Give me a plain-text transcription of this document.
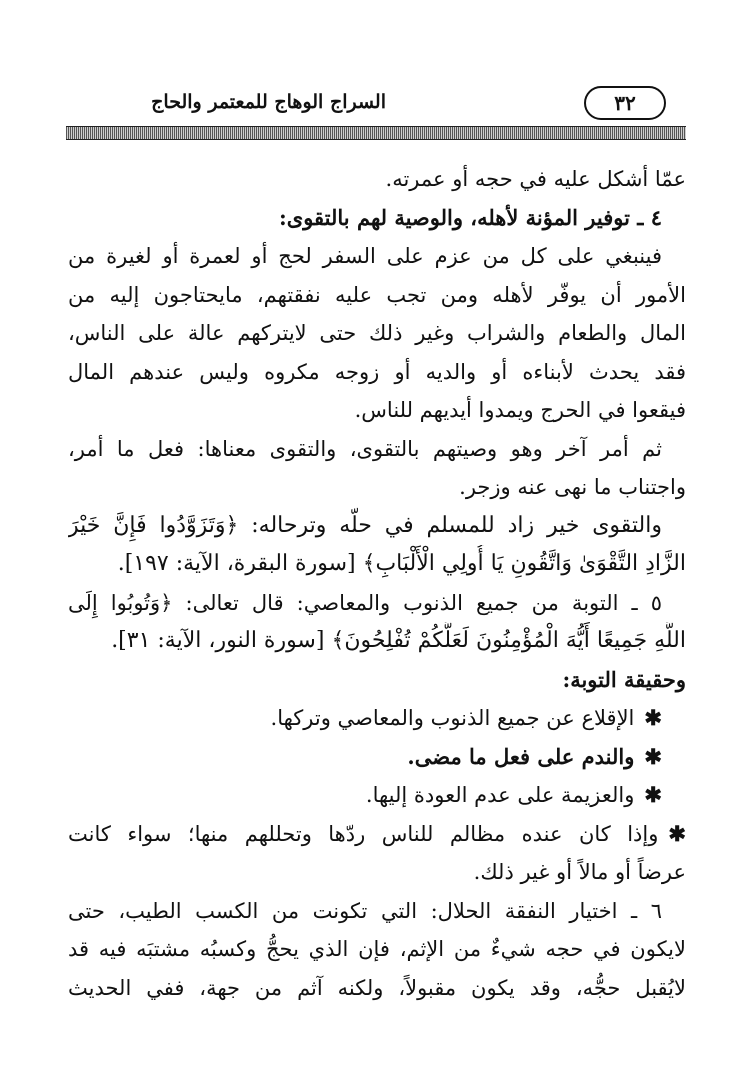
٣٢
السراج الوهاج للمعتمر والحاج
عمّا أشكل عليه في حجه أو عمرته.
٤ ـ توفير المؤنة لأهله، والوصية لهم بالتقوى:
فينبغي على كل من عزم على السفر لحج أو لعمرة أو لغيرة من
الأمور أن يوفّر لأهله ومن تجب عليه نفقتهم، مايحتاجون إليه من
المال والطعام والشراب وغير ذلك حتى لايتركهم عالة على الناس،
فقد يحدث لأبناءه أو والديه أو زوجه مكروه وليس عندهم المال
فيقعوا في الحرج ويمدوا أيديهم للناس.
ثم أمر آخر وهو وصيتهم بالتقوى، والتقوى معناها: فعل ما أمر،
واجتناب ما نهى عنه وزجر.
والتقوى خير زاد للمسلم في حلّه وترحاله: ﴿وَتَزَوَّدُوا فَإِنَّ خَيْرَ
الزَّادِ التَّقْوَىٰ وَاتَّقُونِ يَا أُولِي الْأَلْبَابِ﴾ [سورة البقرة، الآية: ١٩٧].
٥ ـ التوبة من جميع الذنوب والمعاصي: قال تعالى: ﴿وَتُوبُوا إِلَى
اللَّهِ جَمِيعًا أَيُّهَ الْمُؤْمِنُونَ لَعَلَّكُمْ تُفْلِحُونَ﴾ [سورة النور، الآية: ٣١].
وحقيقة التوبة:
✱الإقلاع عن جميع الذنوب والمعاصي وتركها.
✱والندم على فعل ما مضى.
✱والعزيمة على عدم العودة إليها.
✱وإذا كان عنده مظالم للناس ردّها وتحللهم منها؛ سواء كانت
عرضاً أو مالاً أو غير ذلك.
٦ ـ اختيار النفقة الحلال: التي تكونت من الكسب الطيب، حتى
لايكون في حجه شيءٌ من الإثم، فإن الذي يحجُّ وكسبُه مشتبَه فيه قد
لايُقبل حجُّه، وقد يكون مقبولاً، ولكنه آثم من جهة، ففي الحديث
